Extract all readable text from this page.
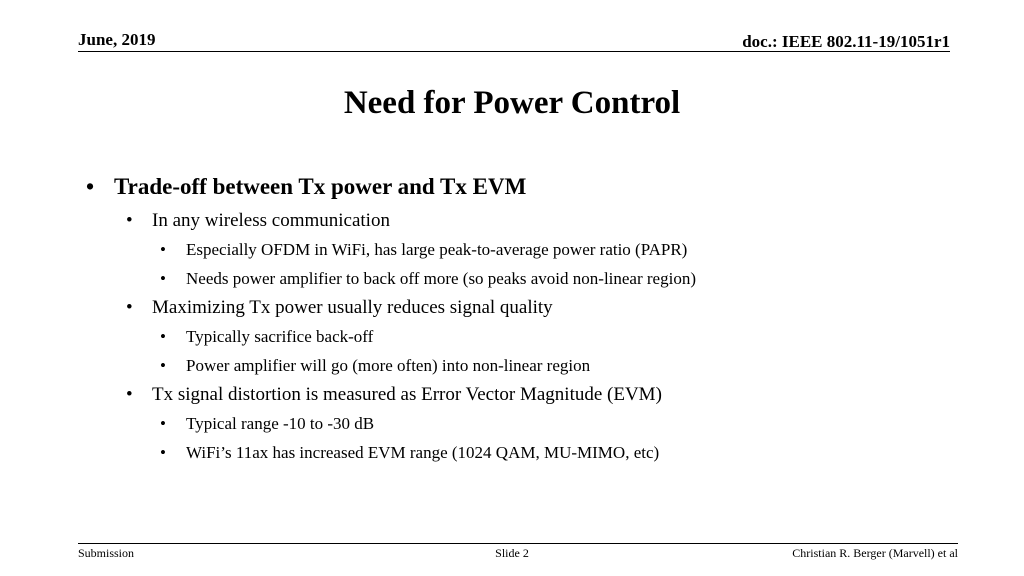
June, 2019	doc.: IEEE 802.11-19/1051r1
Need for Power Control
• Trade-off between Tx power and Tx EVM
• In any wireless communication
• Especially OFDM in WiFi, has large peak-to-average power ratio (PAPR)
• Needs power amplifier to back off more (so peaks avoid non-linear region)
• Maximizing Tx power usually reduces signal quality
• Typically sacrifice back-off
• Power amplifier will go (more often) into non-linear region
• Tx signal distortion is measured as Error Vector Magnitude (EVM)
• Typical range -10 to -30 dB
• WiFi’s 11ax has increased EVM range (1024 QAM, MU-MIMO, etc)
Submission	Slide 2	Christian R. Berger (Marvell) et al
